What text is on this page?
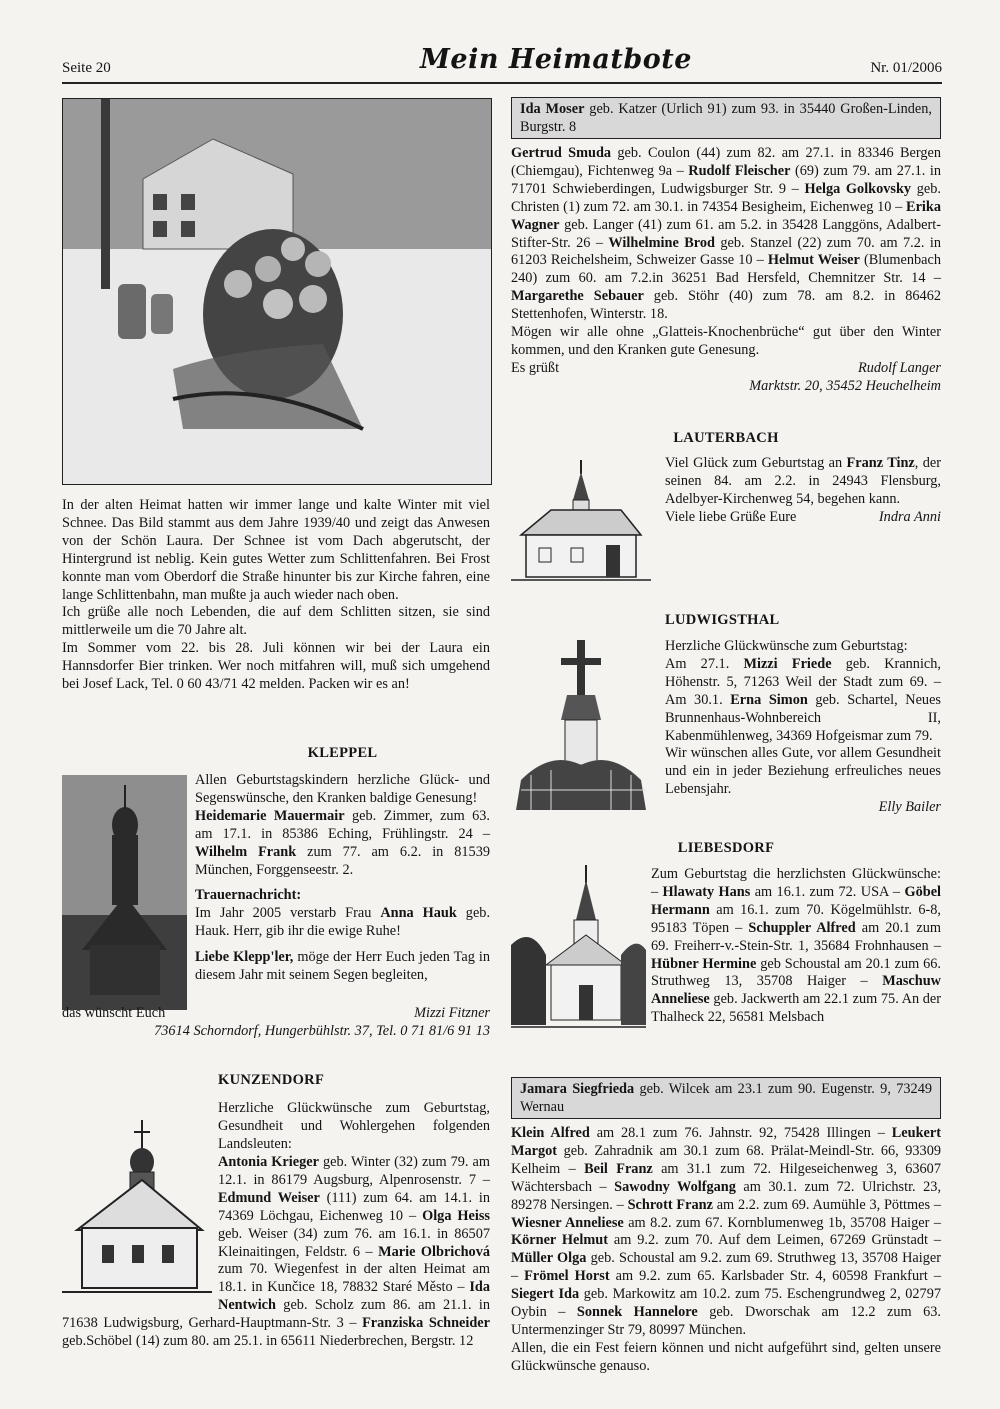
Seite 20	Mein Heimatbote	Nr. 01/2006

In der alten Heimat hatten wir immer lange und kalte Winter mit viel Schnee. Das Bild stammt aus dem Jahre 1939/40 und zeigt das Anwesen von der Schön Laura. Der Schnee ist vom Dach abgerutscht, der Hintergrund ist neblig. Kein gutes Wetter zum Schlittenfahren. Bei Frost konnte man vom Oberdorf die Straße hinunter bis zur Kirche fahren, eine lange Schlittenbahn, man mußte ja auch wieder nach oben.

Ich grüße alle noch Lebenden, die auf dem Schlitten sitzen, sie sind mittlerweile um die 70 Jahre alt.

Im Sommer vom 22. bis 28. Juli können wir bei der Laura ein Hannsdorfer Bier trinken. Wer noch mitfahren will, muß sich umgehend bei Josef Lack, Tel. 0 60 43/71 42 melden. Packen wir es an!

KLEPPEL

Allen Geburtstagskindern herzliche Glück- und Segenswünsche, den Kranken baldige Genesung!

Heidemarie Mauermair geb. Zimmer, zum 63. am 17.1. in 85386 Eching, Frühlingstr. 24 – Wilhelm Frank zum 77. am 6.2. in 81539 München, Forggenseestr. 2.

Trauernachricht:

Im Jahr 2005 verstarb Frau Anna Hauk geb. Hauk. Herr, gib ihr die ewige Ruhe!

Liebe Klepp'ler, möge der Herr Euch jeden Tag in diesem Jahr mit seinem Segen begleiten,

das wünscht Euch	Mizzi Fitzner
73614 Schorndorf, Hungerbühlstr. 37, Tel. 0 71 81/6 91 13

KUNZENDORF

Herzliche Glückwünsche zum Geburtstag, Gesundheit und Wohlergehen folgenden Landsleuten:

Antonia Krieger geb. Winter (32) zum 79. am 12.1. in 86179 Augsburg, Alpenrosenstr. 7 – Edmund Weiser (111) zum 64. am 14.1. in 74369 Löchgau, Eichenweg 10 – Olga Heiss geb. Weiser (34) zum 76. am 16.1. in 86507 Kleinaitingen, Feldstr. 6 – Marie Olbrichová zum 70. Wiegenfest in der alten Heimat am 18.1. in Kunčice 18, 78832 Staré Město – Ida Nentwich geb. Scholz zum 86. am 21.1. in 71638 Ludwigsburg, Gerhard-Hauptmann-Str. 3 – Franziska Schneider geb.Schöbel (14) zum 80. am 25.1. in 65611 Niederbrechen, Bergstr. 12

Ida Moser geb. Katzer (Urlich 91) zum 93. in 35440 Großen-Linden, Burgstr. 8

Gertrud Smuda geb. Coulon (44) zum 82. am 27.1. in 83346 Bergen (Chiemgau), Fichtenweg 9a – Rudolf Fleischer (69) zum 79. am 27.1. in 71701 Schwieberdingen, Ludwigsburger Str. 9 – Helga Golkovsky geb. Christen (1) zum 72. am 30.1. in 74354 Besigheim, Eichenweg 10 – Erika Wagner geb. Langer (41) zum 61. am 5.2. in 35428 Langgöns, Adalbert-Stifter-Str. 26 – Wilhelmine Brod geb. Stanzel (22) zum 70. am 7.2. in 61203 Reichelsheim, Schweizer Gasse 10 – Helmut Weiser (Blumenbach 240) zum 60. am 7.2.in 36251 Bad Hersfeld, Chemnitzer Str. 14 – Margarethe Sebauer geb. Stöhr (40) zum 78. am 8.2. in 86462 Stettenhofen, Winterstr. 18.

Mögen wir alle ohne „Glatteis-Knochenbrüche“ gut über den Winter kommen, und den Kranken gute Genesung.

Es grüßt	Rudolf Langer
Marktstr. 20, 35452 Heuchelheim

LAUTERBACH

Viel Glück zum Geburtstag an Franz Tinz, der seinen 84. am 2.2. in 24943 Flensburg, Adelbyer-Kirchenweg 54, begehen kann.

Viele liebe Grüße Eure	Indra Anni

LUDWIGSTHAL

Herzliche Glückwünsche zum Geburtstag:

Am 27.1. Mizzi Friede geb. Krannich, Höhenstr. 5, 71263 Weil der Stadt zum 69. – Am 30.1. Erna Simon geb. Schartel, Neues Brunnenhaus-Wohnbereich II, Kabenmühlenweg, 34369 Hofgeismar zum 79.

Wir wünschen alles Gute, vor allem Gesundheit und ein in jeder Beziehung erfreuliches neues Lebensjahr.

Elly Bailer

LIEBESDORF

Zum Geburtstag die herzlichsten Glückwünsche: – Hlawaty Hans am 16.1. zum 72. USA – Göbel Hermann am 16.1. zum 70. Kögelmühlstr. 6-8, 95183 Töpen – Schuppler Alfred am 20.1 zum 69. Freiherr-v.-Stein-Str. 1, 35684 Frohnhausen – Hübner Hermine geb Schoustal am 20.1 zum 66. Struthweg 13, 35708 Haiger – Maschuw Anneliese geb. Jackwerth am 22.1 zum 75. An der Thalheck 22, 56581 Melsbach

Jamara Siegfrieda geb. Wilcek am 23.1 zum 90. Eugenstr. 9, 73249 Wernau

Klein Alfred am 28.1 zum 76. Jahnstr. 92, 75428 Illingen – Leukert Margot geb. Zahradnik am 30.1 zum 68. Prälat-Meindl-Str. 66, 93309 Kelheim – Beil Franz am 31.1 zum 72. Hilgeseichenweg 3, 63607 Wächtersbach – Sawodny Wolfgang am 30.1. zum 72. Ulrichstr. 23, 89278 Nersingen. – Schrott Franz am 2.2. zum 69. Aumühle 3, Pöttmes – Wiesner Anneliese am 8.2. zum 67. Kornblumenweg 1b, 35708 Haiger – Körner Helmut am 9.2. zum 70. Auf dem Leimen, 67269 Grünstadt – Müller Olga geb. Schoustal am 9.2. zum 69. Struthweg 13, 35708 Haiger – Frömel Horst am 9.2. zum 65. Karlsbader Str. 4, 60598 Frankfurt – Siegert Ida geb. Markowitz am 10.2. zum 75. Eschengrundweg 2, 02797 Oybin – Sonnek Hannelore geb. Dworschak am 12.2 zum 63. Untermenzinger Str 79, 80997 München.

Allen, die ein Fest feiern können und nicht aufgeführt sind, gelten unsere Glückwünsche genauso.
